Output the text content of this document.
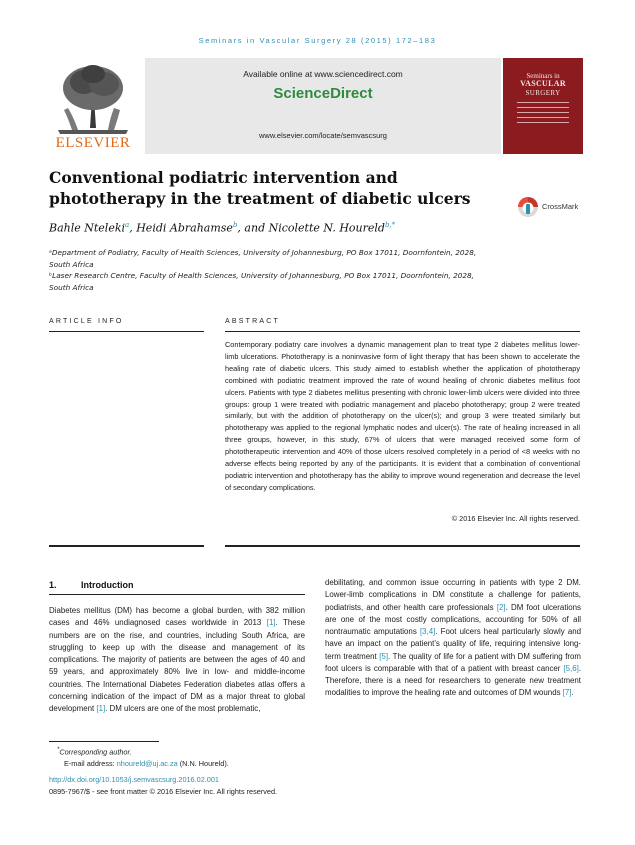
Seminars in Vascular Surgery 28 (2015) 172–183
ELSEVIER
Available online at www.sciencedirect.com
ScienceDirect
www.elsevier.com/locate/semvascsurg
Seminars in
VASCULAR
SURGERY
Conventional podiatric intervention and
phototherapy in the treatment of diabetic ulcers	CrossMark
Bahle Nteleki$^a$, Heidi Abrahamse$^b$, and Nicolette N. Houreld$^{b,*}$
ᵃDepartment of Podiatry, Faculty of Health Sciences, University of Johannesburg, PO Box 17011, Doornfontein, 2028,
South Africa
ᵇLaser Research Centre, Faculty of Health Sciences, University of Johannesburg, PO Box 17011, Doornfontein, 2028,
South Africa
ARTICLE INFO	ABSTRACT
Contemporary podiatry care involves a dynamic management plan to treat type 2 diabetes mellitus lower-limb ulcerations. Phototherapy is a noninvasive form of light therapy that has been shown to accelerate the healing rate of diabetic ulcers. This study aimed to establish whether the application of phototherapy combined with podiatric treatment improved the rate of wound healing of chronic diabetes mellitus foot ulcers. Patients with type 2 diabetes mellitus presenting with chronic lower-limb ulcers were divided into three groups: group 1 were treated with podiatric management and placebo phototherapy; group 2 were treated similarly, but with the addition of phototherapy on the ulcer(s); and group 3 were treated similarly but phototherapy was applied to the regional lymphatic nodes and ulcer(s). The rate of healing increased in all three groups, however, in this study, 67% of ulcers that were managed received some form of phototherapeutic intervention and 40% of those ulcers resolved completely in a period of <8 weeks with no adverse effects being reported by any of the participants. It is evident that a combination of conventional podiatric intervention and phototherapy has the ability to improve wound regeneration and decrease the level of secondary complications.
© 2016 Elsevier Inc. All rights reserved.
1.	Introduction
Diabetes mellitus (DM) has become a global burden, with 382 million cases and 46% undiagnosed cases worldwide in 2013 [1]. These numbers are on the rise, and countries, including South Africa, are struggling to keep up with the disease and management of its complications. The majority of patients are between the ages of 40 and 59 years, and approximately 80% live in low- and middle-income countries. The International Diabetes Federation diabetes atlas offers a concerning indication of the impact of DM as a major threat to global development [1]. DM ulcers are one of the most problematic,
debilitating, and common issue occurring in patients with type 2 DM. Lower-limb complications in DM constitute a challenge for patients, podiatrists, and other health care professionals [2]. DM foot ulcerations are one of the most costly complications, accounting for 50% of all nontraumatic amputations [3,4]. Foot ulcers heal particularly slowly and have an impact on the patient’s quality of life, requiring intensive long-term treatment [5]. The quality of life for a patient with DM suffering from foot ulcers is comparable with that of a patient with breast cancer [5,6]. Therefore, there is a need for researchers to generate new treatment modalities to improve the healing rate and outcomes of DM wounds [7].
*Corresponding author.
E-mail address: nhoureld@uj.ac.za (N.N. Houreld).
http://dx.doi.org/10.1053/j.semvascsurg.2016.02.001
0895-7967/$ - see front matter © 2016 Elsevier Inc. All rights reserved.
